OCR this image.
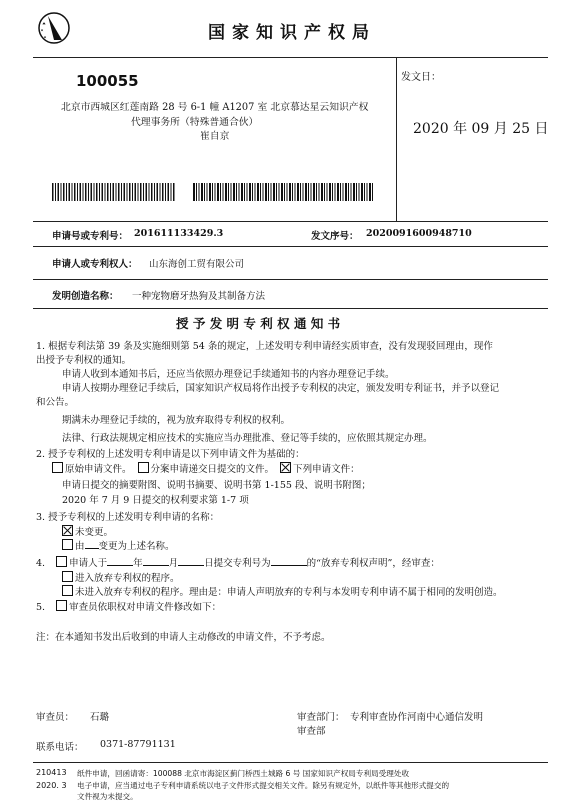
国家知识产权局
100055
北京市西城区红莲南路 28 号 6-1 幢 A1207 室 北京慕达星云知识产权
代理事务所（特殊普通合伙）
崔自京
发文日：
2020 年 09 月 25 日
申请号或专利号： 201611133429.3	发文序号： 2020091600948710
申请人或专利权人： 山东海创工贸有限公司
发明创造名称： 一种宠物磨牙热狗及其制备方法
授 予 发 明 专 利 权 通 知 书
1. 根据专利法第 39 条及实施细则第 54 条的规定，上述发明专利申请经实质审查，没有发现驳回理由，现作
出授予专利权的通知。
申请人收到本通知书后，还应当依照办理登记手续通知书的内容办理登记手续。
申请人按期办理登记手续后，国家知识产权局将作出授予专利权的决定，颁发发明专利证书，并予以登记
和公告。
期满未办理登记手续的，视为放弃取得专利权的权利。
法律、行政法规规定相应技术的实施应当办理批准、登记等手续的，应依照其规定办理。
2. 授予专利权的上述发明专利申请是以下列申请文件为基础的：
原始申请文件。 分案申请递交日提交的文件。 下列申请文件：
申请日提交的摘要附图、说明书摘要、说明书第 1-155 段、说明书附图；
2020 年 7 月 9 日提交的权利要求第 1-7 项
3. 授予专利权的上述发明专利申请的名称：
未变更。
由 变更为上述名称。
4.	申请人于	年	月	日提交专利号为	的“放弃专利权声明”，经审查：
进入放弃专利权的程序。
未进入放弃专利权的程序。理由是：申请人声明放弃的专利与本发明专利申请不属于相同的发明创造。
5.	审查员依职权对申请文件修改如下：
注：在本通知书发出后收到的申请人主动修改的申请文件，不予考虑。
审查员： 石璐	审查部门： 专利审查协作河南中心通信发明
审查部
联系电话： 0371-87791131
210413
2020. 3
纸件申请，回函请寄：100088 北京市海淀区蓟门桥西土城路 6 号 国家知识产权局专利局受理处收
电子申请，应当通过电子专利申请系统以电子文件形式提交相关文件。除另有规定外，以纸件等其他形式提交的
文件视为未提交。
